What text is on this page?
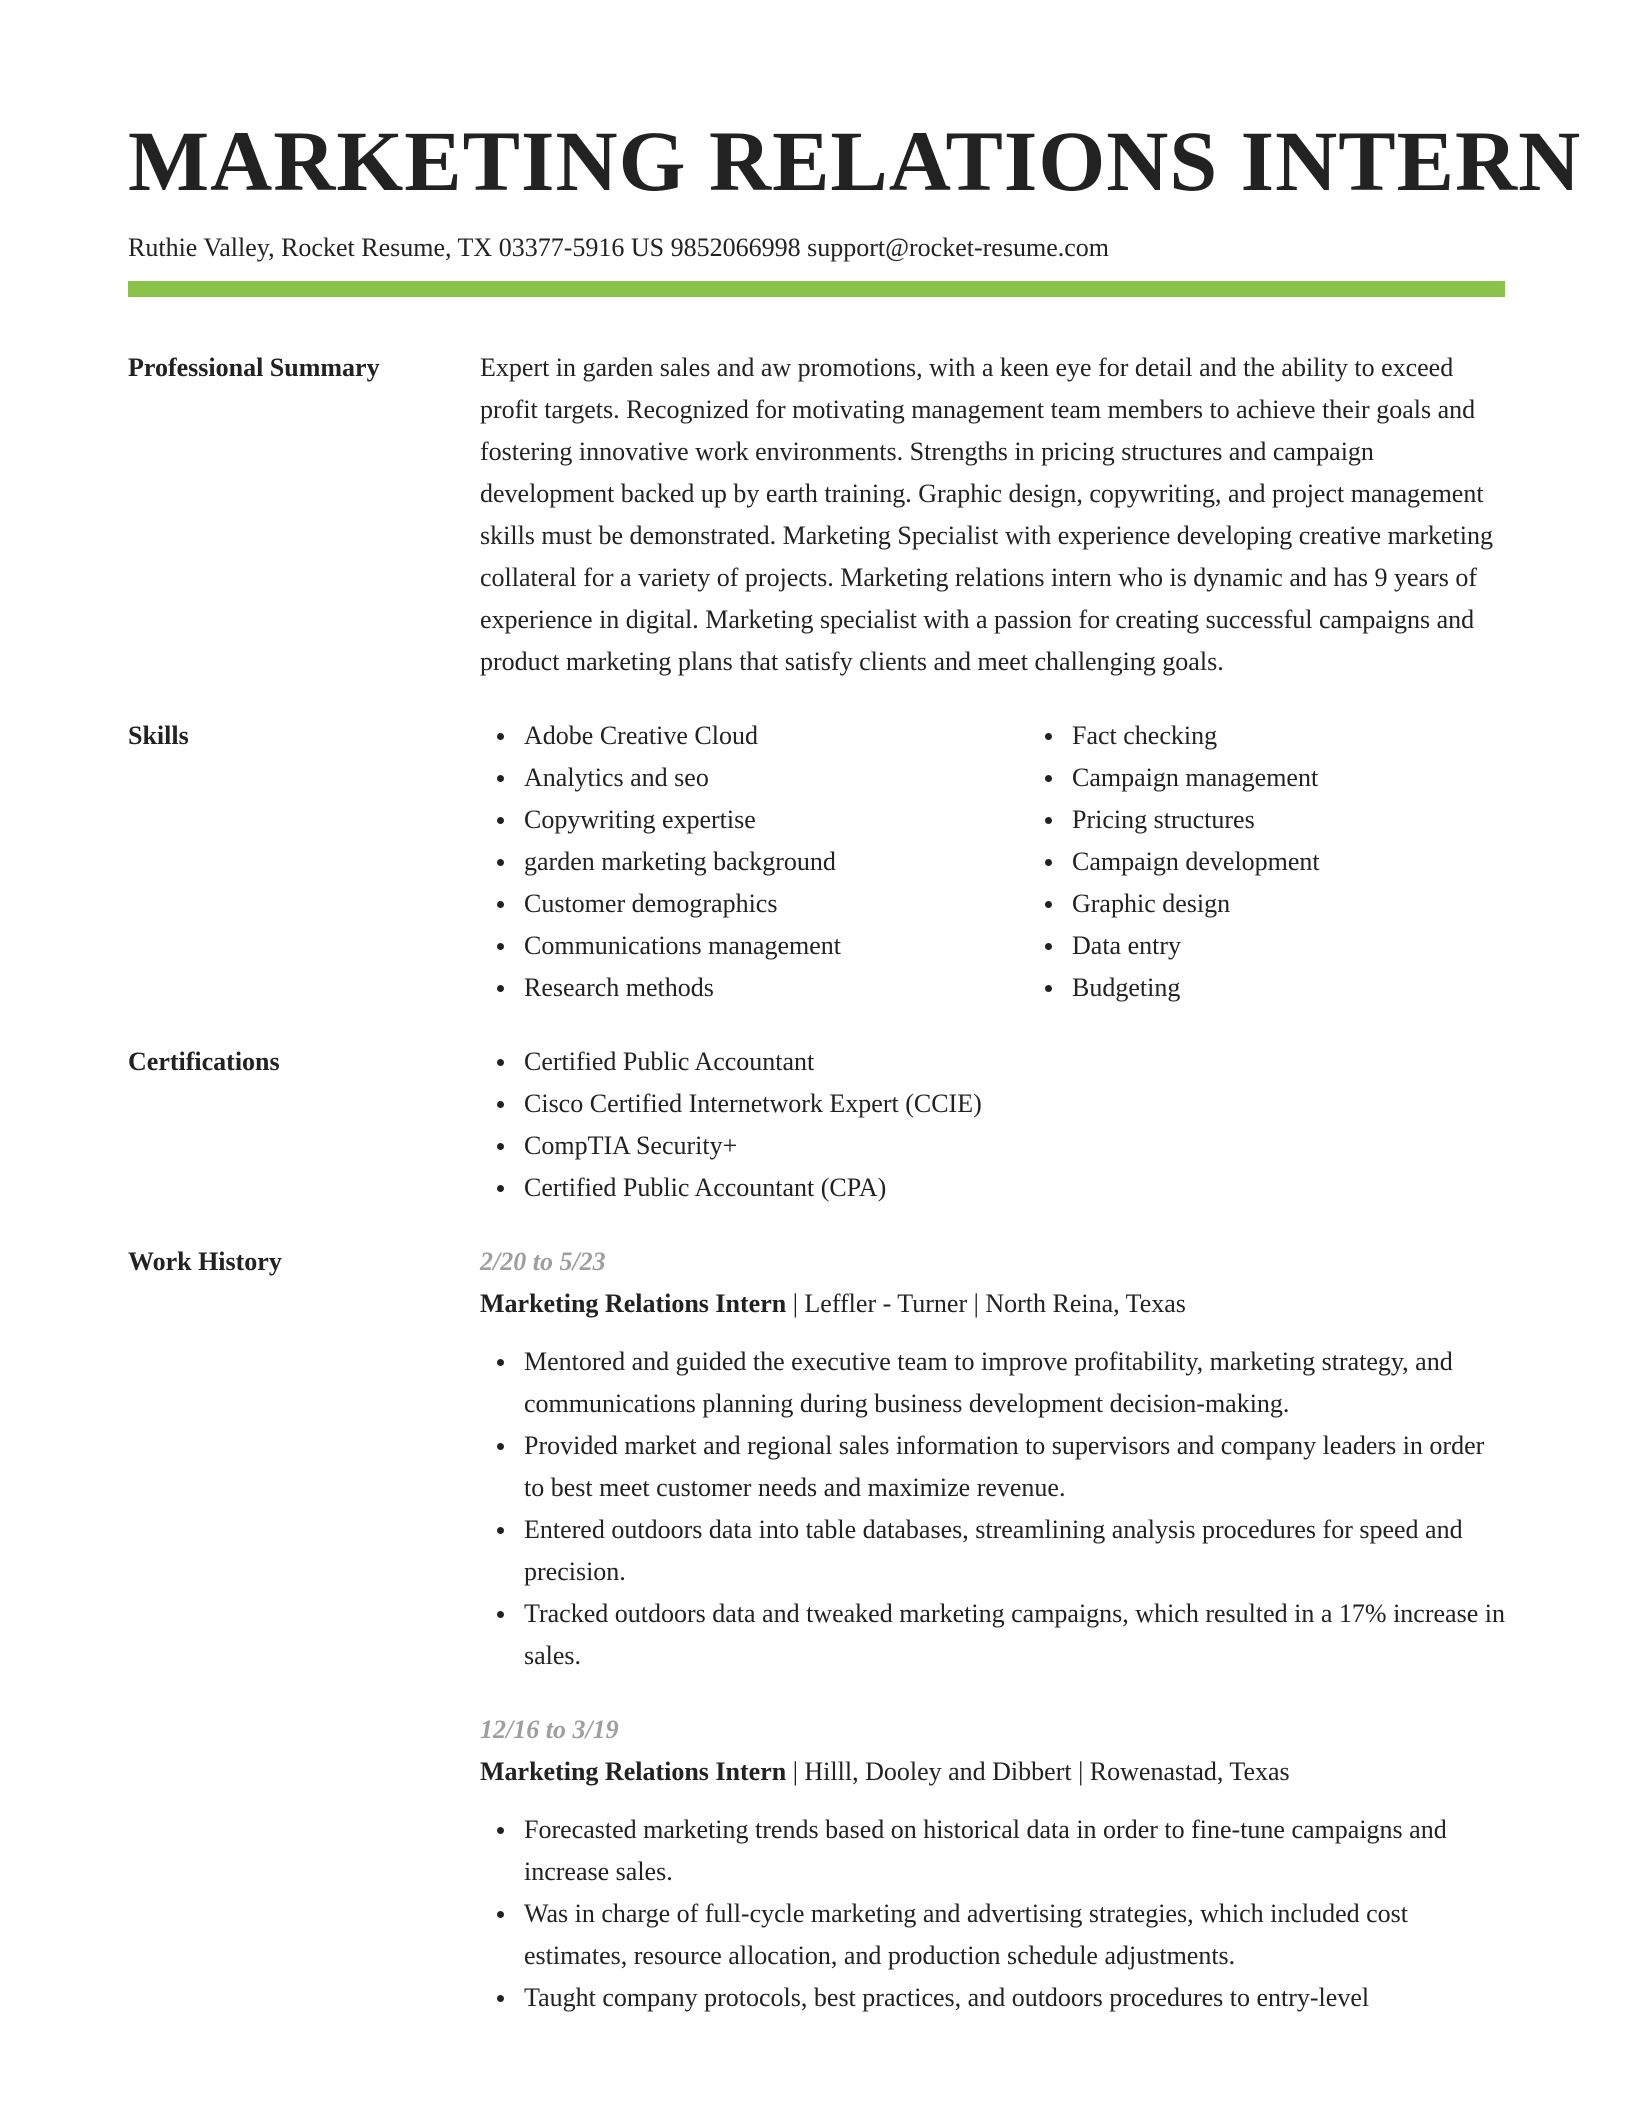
MARKETING RELATIONS INTERN
Ruthie Valley, Rocket Resume, TX 03377-5916 US 9852066998 support@rocket-resume.com
Professional Summary	Expert in garden sales and aw promotions, with a keen eye for detail and the ability to exceed profit targets. Recognized for motivating management team members to achieve their goals and fostering innovative work environments. Strengths in pricing structures and campaign development backed up by earth training. Graphic design, copywriting, and project management skills must be demonstrated. Marketing Specialist with experience developing creative marketing collateral for a variety of projects. Marketing relations intern who is dynamic and has 9 years of experience in digital. Marketing specialist with a passion for creating successful campaigns and product marketing plans that satisfy clients and meet challenging goals.

Skills	Adobe Creative Cloud
Analytics and seo
Copywriting expertise
garden marketing background
Customer demographics
Communications management
Research methods
Fact checking
Campaign management
Pricing structures
Campaign development
Graphic design
Data entry
Budgeting
Certifications	Certified Public Accountant
Cisco Certified Internetwork Expert (CCIE)
CompTIA Security+
Certified Public Accountant (CPA)
Work History	2/20 to 5/23
Marketing Relations Intern | Leffler - Turner | North Reina, Texas
Mentored and guided the executive team to improve profitability, marketing strategy, and communications planning during business development decision-making.
Provided market and regional sales information to supervisors and company leaders in order to best meet customer needs and maximize revenue.
Entered outdoors data into table databases, streamlining analysis procedures for speed and precision.
Tracked outdoors data and tweaked marketing campaigns, which resulted in a 17% increase in sales.
12/16 to 3/19
Marketing Relations Intern | Hilll, Dooley and Dibbert | Rowenastad, Texas
Forecasted marketing trends based on historical data in order to fine-tune campaigns and increase sales.
Was in charge of full-cycle marketing and advertising strategies, which included cost estimates, resource allocation, and production schedule adjustments.
Taught company protocols, best practices, and outdoors procedures to entry-level
